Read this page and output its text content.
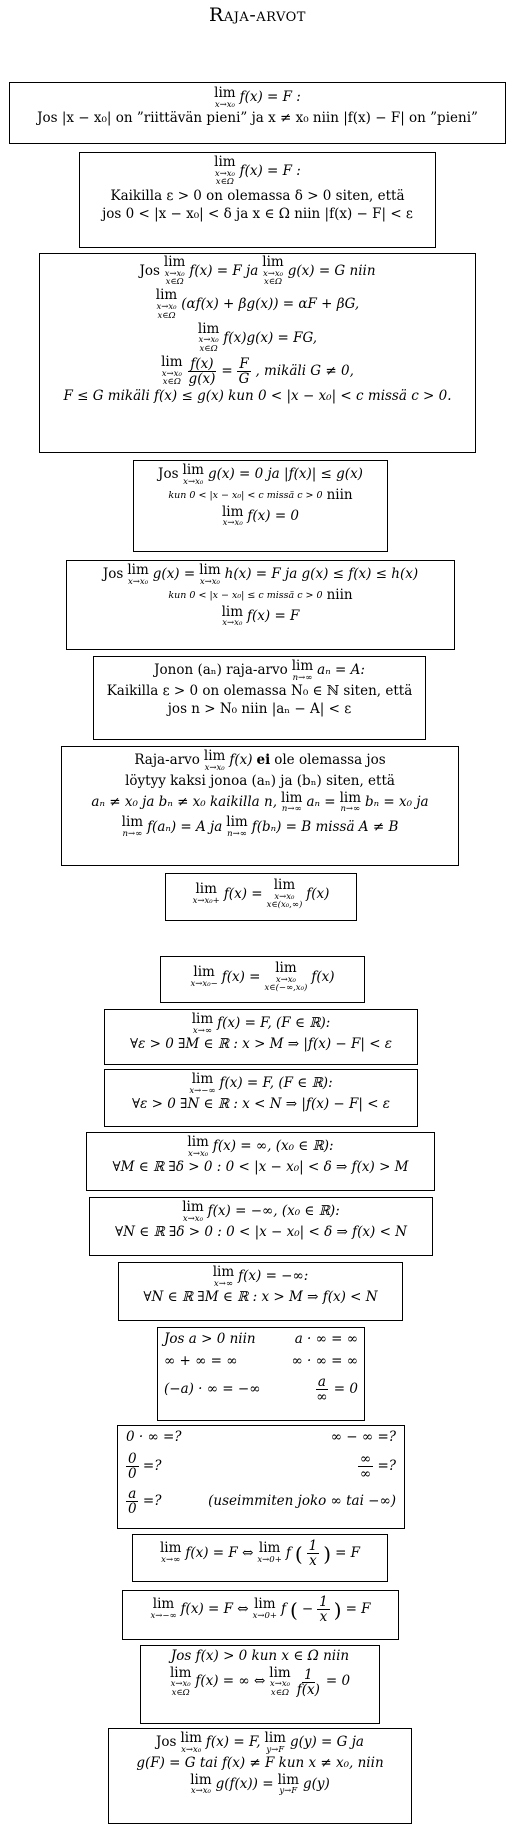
Raja-arvot
lim
x→x₀ f(x) = F :
Jos |x − x₀| on ”riittävän pieni” ja x ≠ x₀ niin |f(x) − F| on ”pieni”
lim
x→x₀
x∈Ω
f(x) = F :
Kaikilla ε > 0 on olemassa δ > 0 siten, että
jos 0 < |x − x₀| < δ ja x ∈ Ω niin |f(x) − F| < ε
Jos
lim
x→x₀
x∈Ω
f(x) = F ja
lim
x→x₀
x∈Ω
g(x) = G niin
lim
x→x₀
x∈Ω
(αf(x) + βg(x)) = αF + βG,
lim
x→x₀
x∈Ω
f(x)g(x) = FG,
lim
x→x₀
x∈Ω $\frac{f(x)}{g(x)} = \frac{F}{G}$ , mikäli G ≠ 0,
F ≤ G mikäli f(x) ≤ g(x) kun 0 < |x − x₀| < c missä c > 0.
Jos lim
x→x₀ g(x) = 0 ja |f(x)| ≤ g(x)
kun 0 < |x − x₀| < c missä c > 0 niin
lim
x→x₀ f(x) = 0
Jos lim
x→x₀ g(x) = lim
x→x₀ h(x) = F ja g(x) ≤ f(x) ≤ h(x)
kun 0 < |x − x₀| ≤ c missä c > 0 niin
lim
x→x₀ f(x) = F
Jonon (aₙ) raja-arvo lim
n→∞ aₙ = A:
Kaikilla ε > 0 on olemassa N₀ ∈ ℕ siten, että
jos n > N₀ niin |aₙ − A| < ε
Raja-arvo lim
x→x₀ f(x) ei ole olemassa jos
löytyy kaksi jonoa (aₙ) ja (bₙ) siten, että
aₙ ≠ x₀ ja bₙ ≠ x₀ kaikilla n, lim
n→∞ aₙ = lim
n→∞ bₙ = x₀ ja
lim
n→∞ f(aₙ) = A ja lim
n→∞ f(bₙ) = B missä A ≠ B
lim
x→x₀+ f(x) =
lim
x→x₀
x∈(x₀,∞)
f(x)
lim
x→x₀− f(x) =
lim
x→x₀
x∈(−∞,x₀)
f(x)
lim
x→∞ f(x) = F, (F ∈ ℝ):
∀ε > 0 ∃M ∈ ℝ : x > M ⇒ |f(x) − F| < ε
lim
x→−∞ f(x) = F, (F ∈ ℝ):
∀ε > 0 ∃N ∈ ℝ : x < N ⇒ |f(x) − F| < ε
lim
x→x₀ f(x) = ∞, (x₀ ∈ ℝ):
∀M ∈ ℝ ∃δ > 0 : 0 < |x − x₀| < δ ⇒ f(x) > M
lim
x→x₀ f(x) = −∞, (x₀ ∈ ℝ):
∀N ∈ ℝ ∃δ > 0 : 0 < |x − x₀| < δ ⇒ f(x) < N
lim
x→∞ f(x) = −∞:
∀N ∈ ℝ ∃M ∈ ℝ : x > M ⇒ f(x) < N
Jos a > 0 niin	a · ∞ = ∞
∞ + ∞ = ∞	∞ · ∞ = ∞
(−a) · ∞ = −∞	$\frac{a}{\infty} = 0$
0 · ∞ =?	∞ − ∞ =?
$\frac{0}{0}$ =?	$\frac{\infty}{\infty}$ =?
$\frac{a}{0}$ =?	(useimmiten joko ∞ tai −∞)
lim
x→∞ f(x) = F ⇔ lim
x→0+ f ( $\frac{1}{x}$ ) = F
lim
x→−∞ f(x) = F ⇔ lim
x→0+ f ( − $\frac{1}{x}$ ) = F
Jos f(x) > 0 kun x ∈ Ω niin
lim
x→x₀
x∈Ω
f(x) = ∞ ⇔
lim
x→x₀
x∈Ω $\frac{1}{f(x)} = 0$
Jos lim
x→x₀ f(x) = F, lim
y→F g(y) = G ja
g(F) = G tai f(x) ≠ F kun x ≠ x₀, niin
lim
x→x₀ g(f(x)) = lim
y→F g(y)
